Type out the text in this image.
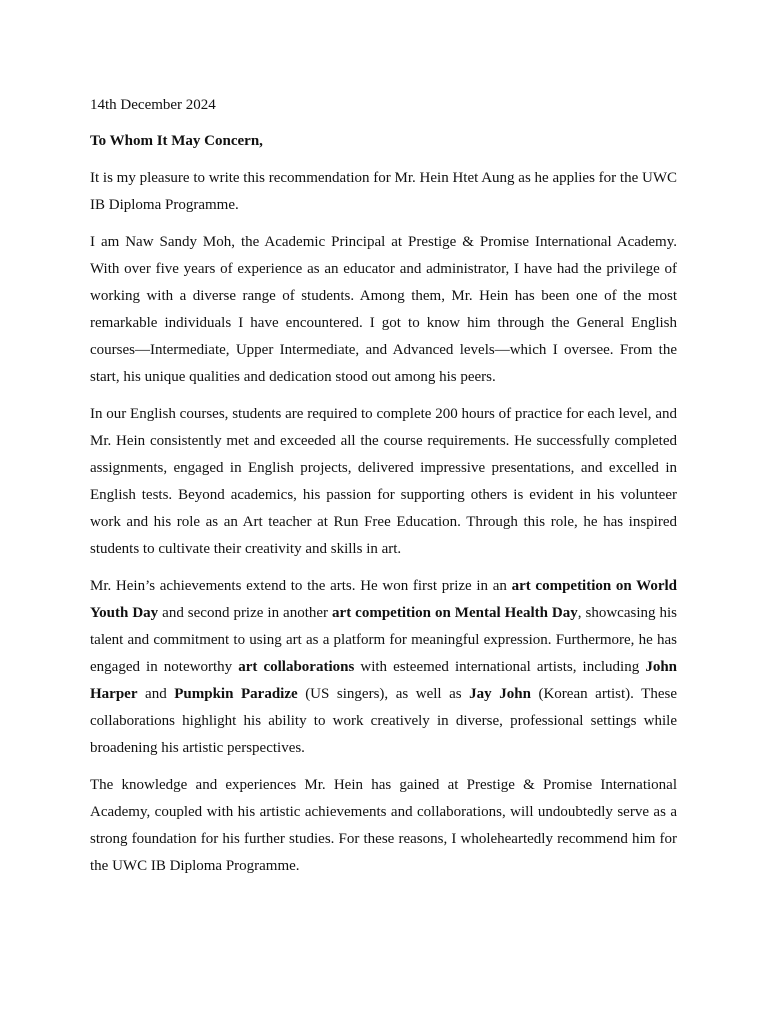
14th December 2024

To Whom It May Concern,

It is my pleasure to write this recommendation for Mr. Hein Htet Aung as he applies for the UWC IB Diploma Programme.

I am Naw Sandy Moh, the Academic Principal at Prestige & Promise International Academy. With over five years of experience as an educator and administrator, I have had the privilege of working with a diverse range of students. Among them, Mr. Hein has been one of the most remarkable individuals I have encountered. I got to know him through the General English courses—Intermediate, Upper Intermediate, and Advanced levels—which I oversee. From the start, his unique qualities and dedication stood out among his peers.

In our English courses, students are required to complete 200 hours of practice for each level, and Mr. Hein consistently met and exceeded all the course requirements. He successfully completed assignments, engaged in English projects, delivered impressive presentations, and excelled in English tests. Beyond academics, his passion for supporting others is evident in his volunteer work and his role as an Art teacher at Run Free Education. Through this role, he has inspired students to cultivate their creativity and skills in art.

Mr. Hein’s achievements extend to the arts. He won first prize in an art competition on World Youth Day and second prize in another art competition on Mental Health Day, showcasing his talent and commitment to using art as a platform for meaningful expression. Furthermore, he has engaged in noteworthy art collaborations with esteemed international artists, including John Harper and Pumpkin Paradize (US singers), as well as Jay John (Korean artist). These collaborations highlight his ability to work creatively in diverse, professional settings while broadening his artistic perspectives.

The knowledge and experiences Mr. Hein has gained at Prestige & Promise International Academy, coupled with his artistic achievements and collaborations, will undoubtedly serve as a strong foundation for his further studies. For these reasons, I wholeheartedly recommend him for the UWC IB Diploma Programme.
